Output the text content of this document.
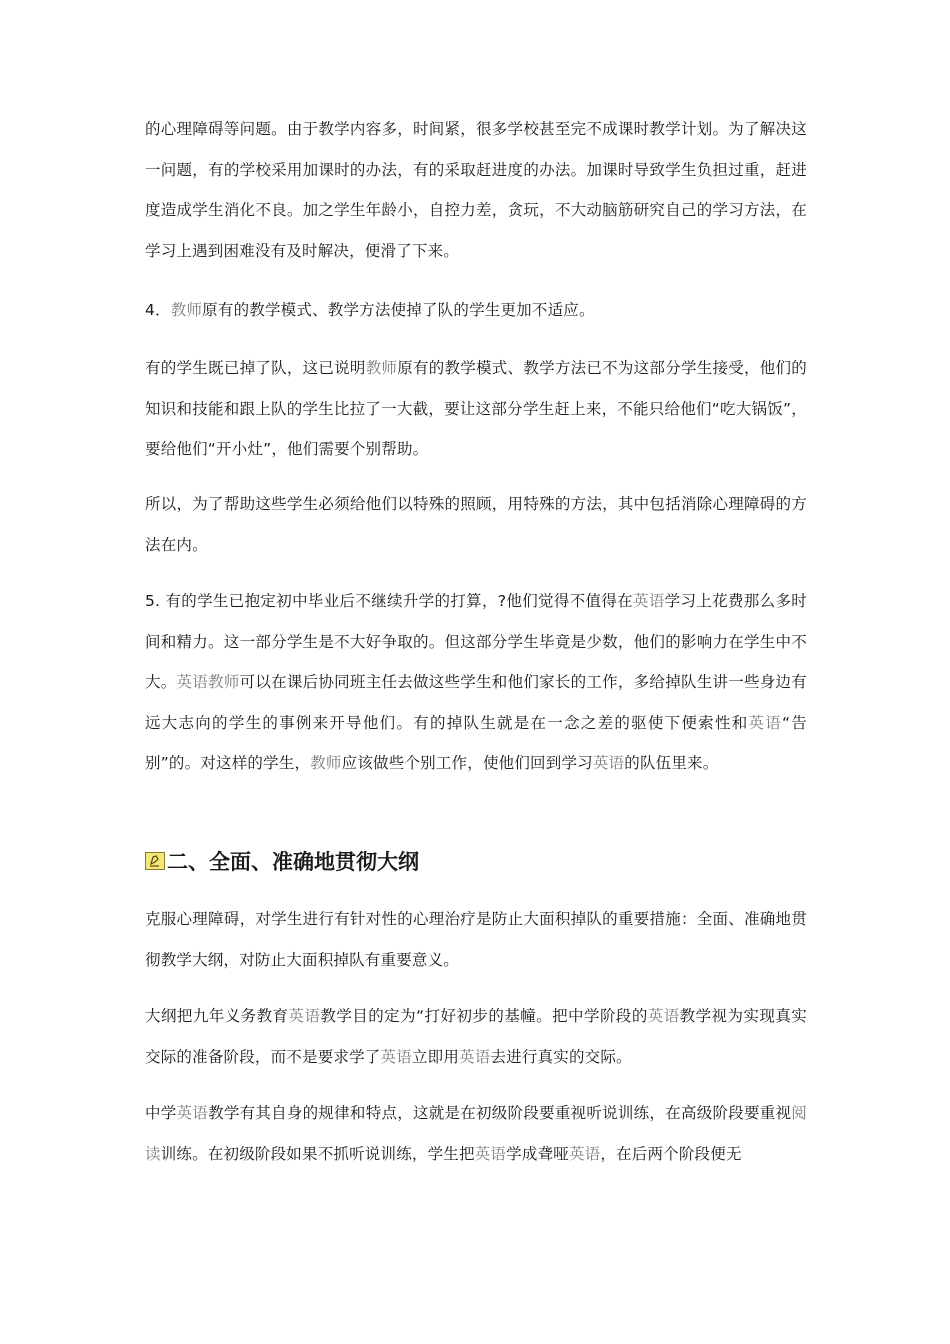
的心理障碍等问题。由于教学内容多，时间紧，很多学校甚至完不成课时教学计划。为了解决这一问题，有的学校采用加课时的办法，有的采取赶进度的办法。加课时导致学生负担过重，赶进度造成学生消化不良。加之学生年龄小，自控力差，贪玩，不大动脑筋研究自己的学习方法，在学习上遇到困难没有及时解决，便滑了下来。

4．教师原有的教学模式、教学方法使掉了队的学生更加不适应。

有的学生既已掉了队，这已说明教师原有的教学模式、教学方法已不为这部分学生接受，他们的知识和技能和跟上队的学生比拉了一大截，要让这部分学生赶上来，不能只给他们“吃大锅饭”，要给他们“开小灶”，他们需要个别帮助。

所以，为了帮助这些学生必须给他们以特殊的照顾，用特殊的方法，其中包括消除心理障碍的方法在内。

5. 有的学生已抱定初中毕业后不继续升学的打算，?他们觉得不值得在英语学习上花费那么多时间和精力。这一部分学生是不大好争取的。但这部分学生毕竟是少数，他们的影响力在学生中不大。英语教师可以在课后协同班主任去做这些学生和他们家长的工作，多给掉队生讲一些身边有远大志向的学生的事例来开导他们。有的掉队生就是在一念之差的驱使下便索性和英语“告别”的。对这样的学生，教师应该做些个别工作，使他们回到学习英语的队伍里来。

二、全面、准确地贯彻大纲

克服心理障碍，对学生进行有针对性的心理治疗是防止大面积掉队的重要措施：全面、准确地贯彻教学大纲，对防止大面积掉队有重要意义。

大纲把九年义务教育英语教学目的定为“打好初步的基幢。把中学阶段的英语教学视为实现真实交际的准备阶段，而不是要求学了英语立即用英语去进行真实的交际。

中学英语教学有其自身的规律和特点，这就是在初级阶段要重视听说训练，在高级阶段要重视阅读训练。在初级阶段如果不抓听说训练，学生把英语学成聋哑英语，在后两个阶段便无
